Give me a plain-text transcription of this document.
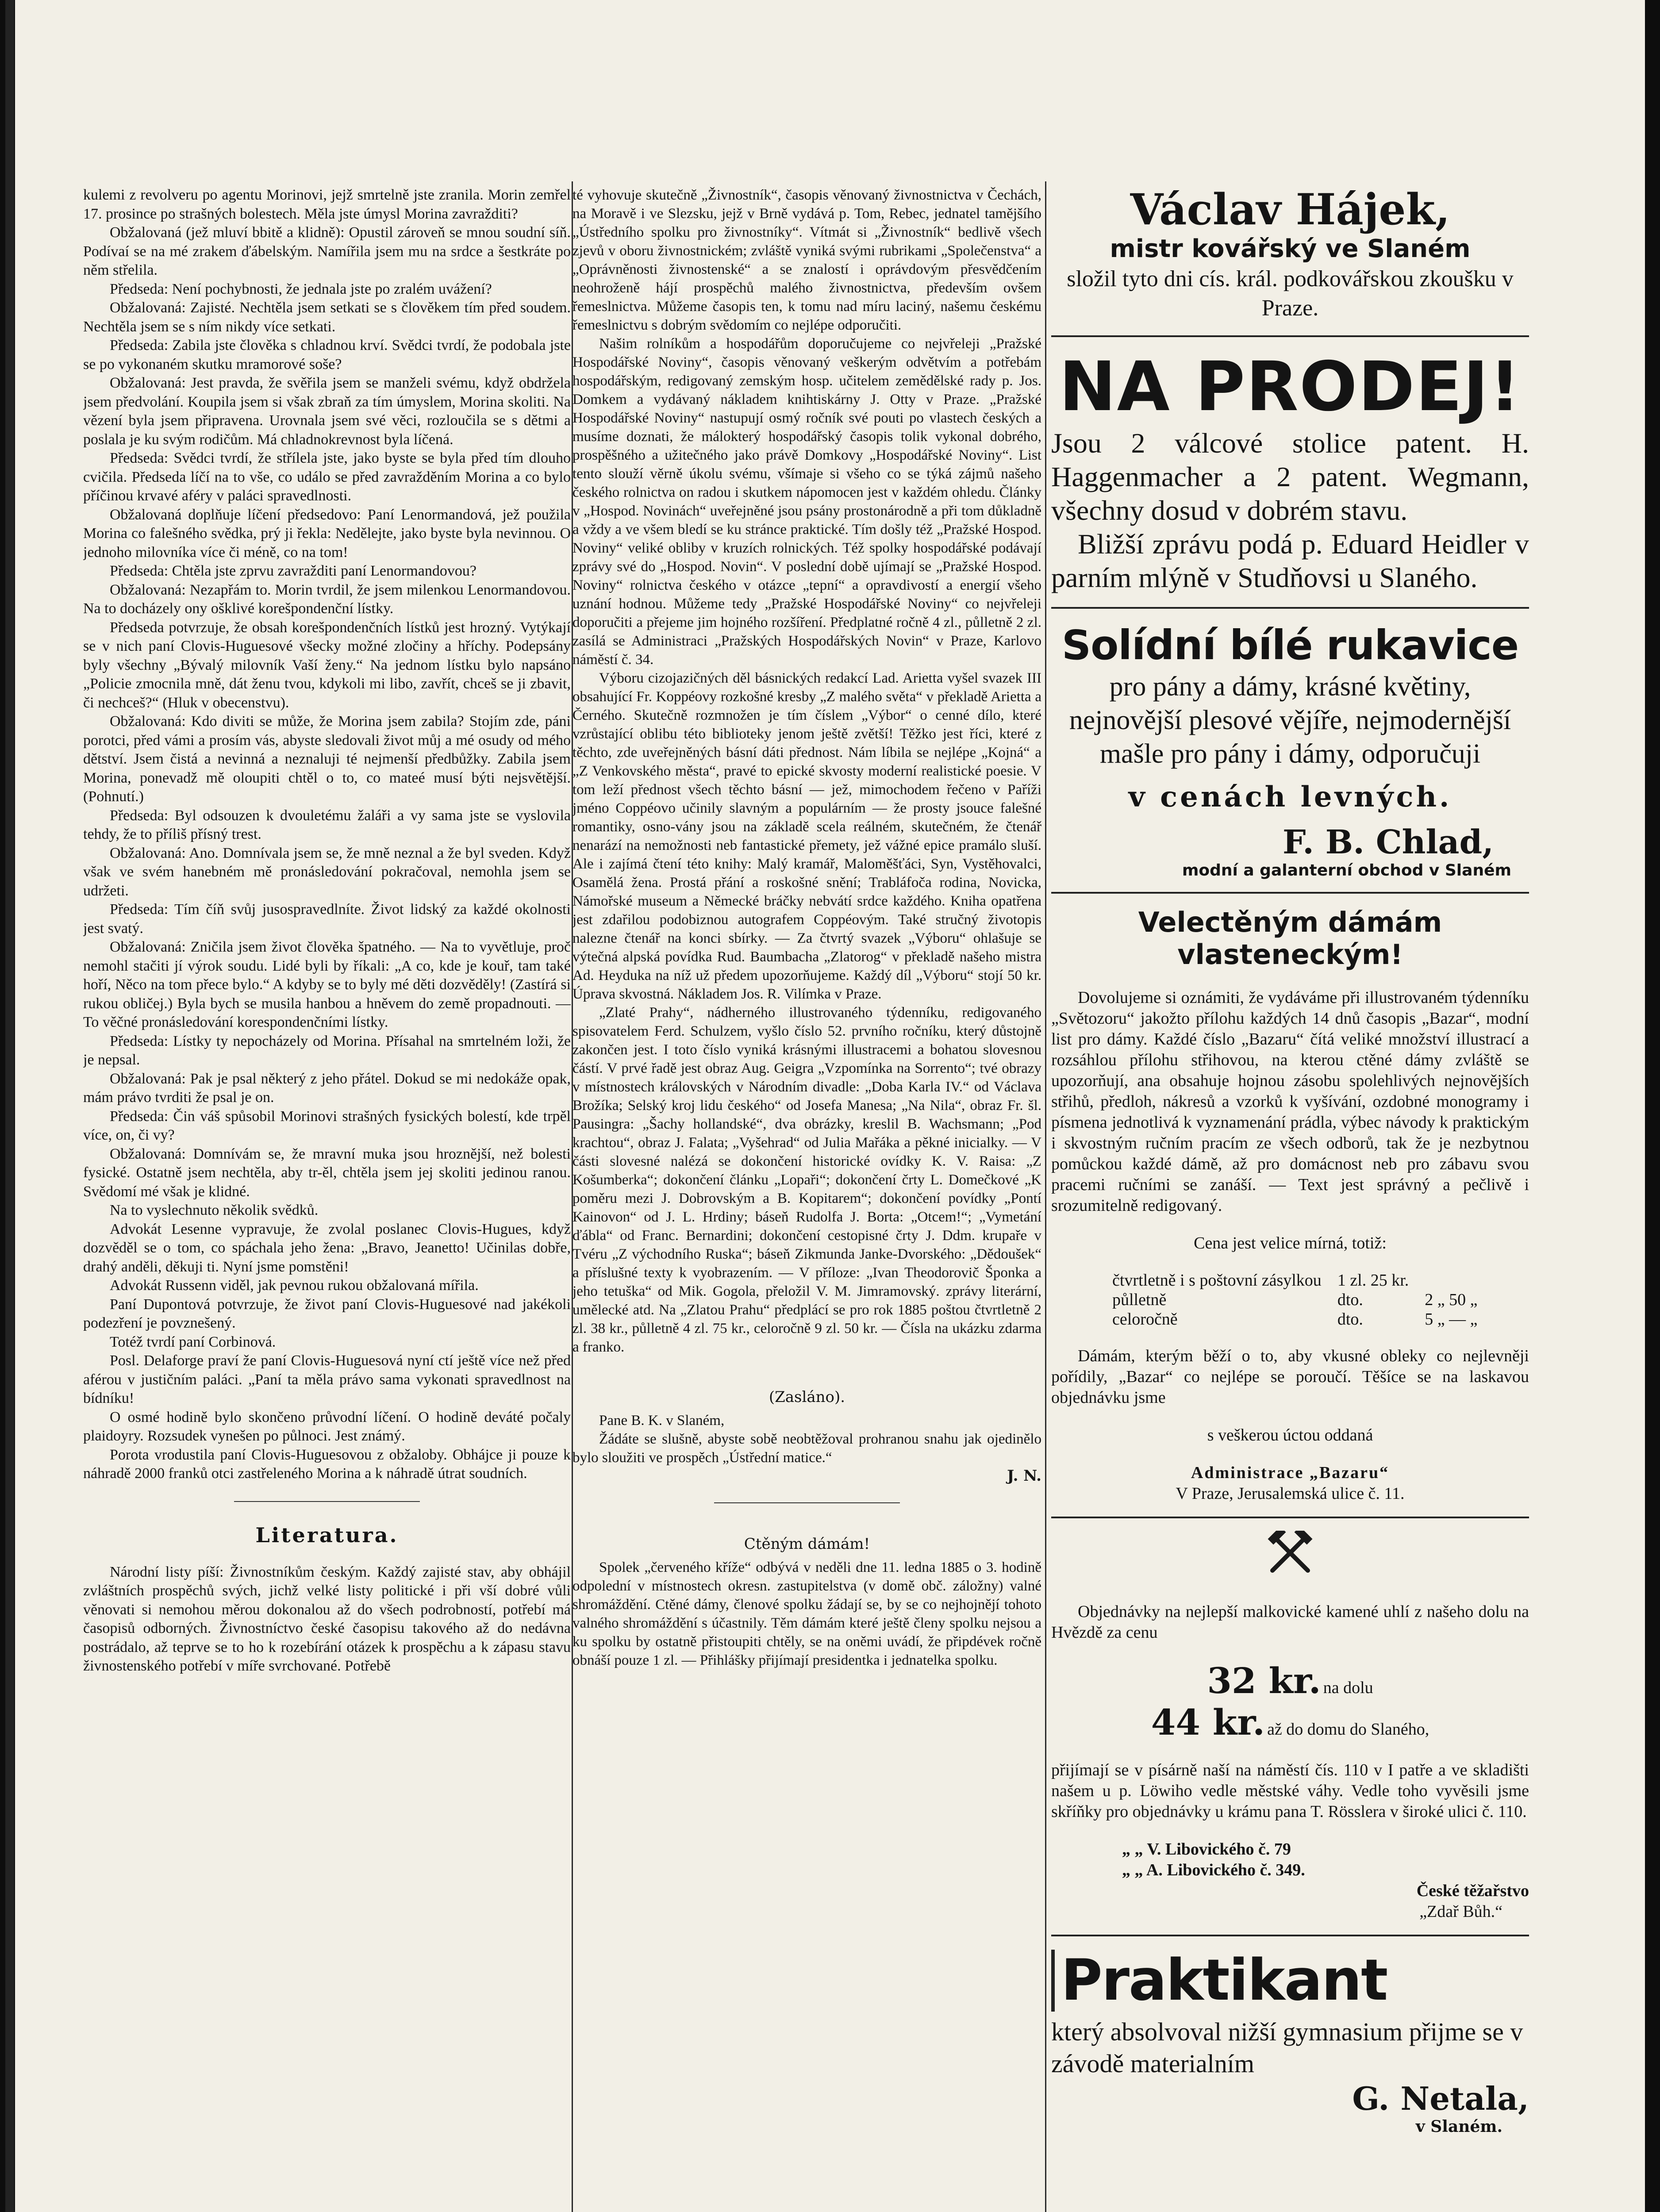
kulemi z revolveru po agentu Morinovi, jejž smrtelně jste zranila. Morin zemřel 17. prosince po strašných bolestech. Měla jste úmysl Morina zavražditi?

Obžalovaná (jež mluví bbitě a klidně): Opustil zároveň se mnou soudní síň. Podívaí se na mé zrakem ďábelským. Namířila jsem mu na srdce a šestkráte po něm střelila.

Předseda: Není pochybnosti, že jednala jste po zralém uvážení?

Obžalovaná: Zajisté. Nechtěla jsem setkati se s člověkem tím před soudem. Nechtěla jsem se s ním nikdy více setkati.

Předseda: Zabila jste člověka s chladnou krví. Svědci tvrdí, že podobala jste se po vykonaném skutku mramorové soše?

Obžalovaná: Jest pravda, že svěřila jsem se manželi svému, když obdržela jsem předvolání. Koupila jsem si však zbraň za tím úmyslem, Morina skoliti. Na vězení byla jsem připravena. Urovnala jsem své věci, rozloučila se s dětmi a poslala je ku svým rodičům. Má chladnokrevnost byla líčená.

Předseda: Svědci tvrdí, že střílela jste, jako byste se byla před tím dlouho cvičila. Předseda líčí na to vše, co událo se před zavražděním Morina a co bylo příčinou krvavé aféry v paláci spravedlnosti.

Obžalovaná doplňuje líčení předsedovo: Paní Lenormandová, jež použila Morina co falešného svědka, prý ji řekla: Nedělejte, jako byste byla nevinnou. O jednoho milovníka více či méně, co na tom!

Předseda: Chtěla jste zprvu zavražditi paní Lenormandovou?

Obžalovaná: Nezapřám to. Morin tvrdil, že jsem milenkou Lenormandovou. Na to docházely ony ošklivé korešpondenční lístky.

Předseda potvrzuje, že obsah korešpondenčních lístků jest hrozný. Vytýkají se v nich paní Clovis-Huguesové všecky možné zločiny a hříchy. Podepsány byly všechny „Bývalý milovník Vaší ženy.“ Na jednom lístku bylo napsáno „Policie zmocnila mně, dát ženu tvou, kdykoli mi libo, zavřít, chceš se ji zbavit, či nechceš?“ (Hluk v obecenstvu).

Obžalovaná: Kdo diviti se může, že Morina jsem zabila? Stojím zde, páni porotci, před vámi a prosím vás, abyste sledovali život můj a mé osudy od mého dětství. Jsem čistá a nevinná a neznaluji té nejmenší předbůžky. Zabila jsem Morina, ponevadž mě oloupiti chtěl o to, co mateé musí býti nejsvětější. (Pohnutí.)

Předseda: Byl odsouzen k dvouletému žaláři a vy sama jste se vyslovila tehdy, že to příliš přísný trest.

Obžalovaná: Ano. Domnívala jsem se, že mně neznal a že byl sveden. Když však ve svém hanebném mě pronásledování pokračoval, nemohla jsem se udržeti.

Předseda: Tím číň svůj jusospravedlníte. Život lidský za každé okolnosti jest svatý.

Obžalovaná: Zničila jsem život člověka špatného. — Na to vyvětluje, proč nemohl stačiti jí výrok soudu. Lidé byli by říkali: „A co, kde je kouř, tam také hoří, Něco na tom přece bylo.“ A kdyby se to byly mé děti dozvěděly! (Zastírá si rukou obličej.) Byla bych se musila hanbou a hněvem do země propadnouti. — To věčné pronásledování korespondenčními lístky.

Předseda: Lístky ty nepocházely od Morina. Přísahal na smrtelném loži, že je nepsal.

Obžalovaná: Pak je psal některý z jeho přátel. Dokud se mi nedokáže opak, mám právo tvrditi že psal je on.

Předseda: Čin váš spůsobil Morinovi strašných fysických bolestí, kde trpěl více, on, či vy?

Obžalovaná: Domnívám se, že mravní muka jsou hroznější, než bolesti fysické. Ostatně jsem nechtěla, aby tr-ěl, chtěla jsem jej skoliti jedinou ranou. Svědomí mé však je klidné.

Na to vyslechnuto několik svědků.

Advokát Lesenne vypravuje, že zvolal poslanec Clovis-Hugues, když dozvěděl se o tom, co spáchala jeho žena: „Bravo, Jeanetto! Učinilas dobře, drahý anděli, děkuji ti. Nyní jsme pomstěni!

Advokát Russenn viděl, jak pevnou rukou obžalovaná mířila.

Paní Dupontová potvrzuje, že život paní Clovis-Huguesové nad jakékoli podezření je povznešený.

Totéž tvrdí paní Corbinová.

Posl. Delaforge praví že paní Clovis-Huguesová nyní ctí ještě více než před aférou v justičním paláci. „Paní ta měla právo sama vykonati spravedlnost na bídníku!

O osmé hodině bylo skončeno průvodní líčení. O hodině deváté počaly plaidoyry. Rozsudek vynešen po půlnoci. Jest známý.

Porota vrodustila paní Clovis-Huguesovou z obžaloby. Obhájce ji pouze k náhradě 2000 franků otci zastřeleného Morina a k náhradě útrat soudních.

Literatura.

Národní listy píší: Živnostníkům českým. Každý zajisté stav, aby obhájil zvláštních prospěchů svých, jichž velké listy politické i při vší dobré vůli věnovati si nemohou měrou dokonalou až do všech podrobností, potřebí má časopisů odborných. Živnostníctvo české časopisu takového až do nedávna postrádalo, až teprve se to ho k rozebírání otázek k prospěchu a k zápasu stavu živnostenského potřebí v míře svrchované. Potřebě

té vyhovuje skutečně „Živnostník“, časopis věnovaný živnostnictva v Čechách, na Moravě i ve Slezsku, jejž v Brně vydává p. Tom, Rebec, jednatel tamějšího „Ústředního spolku pro živnostníky“. Vítmát si „Živnostník“ bedlivě všech zjevů v oboru živnostnickém; zvláště vyniká svými rubrikami „Společenstva“ a „Oprávněnosti živnostenské“ a se znalostí i oprávdovým přesvědčením neohroženě hájí prospěchů malého živnostnictva, především ovšem řemeslnictva. Můžeme časopis ten, k tomu nad míru laciný, našemu českému řemeslnictvu s dobrým svědomím co nejlépe odporučiti.

Našim rolníkům a hospodářům doporučujeme co nejvřeleji „Pražské Hospodářské Noviny“, časopis věnovaný veškerým odvětvím a potřebám hospodářským, redigovaný zemským hosp. učitelem zemědělské rady p. Jos. Domkem a vydávaný nákladem knihtiskárny J. Otty v Praze. „Pražské Hospodářské Noviny“ nastupují osmý ročník své pouti po vlastech českých a musíme doznati, že málokterý hospodářský časopis tolik vykonal dobrého, prospěšného a užitečného jako právě Domkovy „Hospodářské Noviny“. List tento slouží věrně úkolu svému, všímaje si všeho co se týká zájmů našeho českého rolnictva on radou i skutkem nápomocen jest v každém ohledu. Články v „Hospod. Novinách“ uveřejněné jsou psány prostonárodně a při tom důkladně a vždy a ve všem bledí se ku stránce praktické. Tím došly též „Pražské Hospod. Noviny“ veliké obliby v kruzích rolnických. Též spolky hospodářské podávají zprávy své do „Hospod. Novin“. V poslední době ujímají se „Pražské Hospod. Noviny“ rolnictva českého v otázce „tepní“ a opravdivostí a energií všeho uznání hodnou. Můžeme tedy „Pražské Hospodářské Noviny“ co nejvřeleji doporučiti a přejeme jim hojného rozšíření. Předplatné ročně 4 zl., půlletně 2 zl. zasílá se Administraci „Pražských Hospodářských Novin“ v Praze, Karlovo náměstí č. 34.

Výboru cizojazičných děl básnických redakcí Lad. Arietta vyšel svazek III obsahující Fr. Koppéovy rozkošné kresby „Z malého světa“ v překladě Arietta a Černého. Skutečně rozmnožen je tím číslem „Výbor“ o cenné dílo, které vzrůstající oblibu této biblioteky jenom ještě zvětší! Těžko jest říci, které z těchto, zde uveřejněných básní dáti přednost. Nám líbila se nejlépe „Kojná“ a „Z Venkovského města“, pravé to epické skvosty moderní realistické poesie. V tom leží přednost všech těchto básní — jež, mimochodem řečeno v Paříži jméno Coppéovo učinily slavným a populárním — že prosty jsouce falešné romantiky, osno-vány jsou na základě scela reálném, skutečném, že čtenář nenarází na nemožnosti neb fantastické přemety, jež vážné epice pramálo sluší. Ale i zajímá čtení této knihy: Malý kramář, Maloměšťáci, Syn, Vystěhovalci, Osamělá žena. Prostá přání a roskošné snění; Trabláfoča rodina, Novicka, Námořské museum a Německé bráčky nebvátí srdce každého. Kniha opatřena jest zdařilou podobiznou autografem Coppéovým. Také stručný životopis nalezne čtenář na konci sbírky. — Za čtvrtý svazek „Výboru“ ohlašuje se výtečná alpská povídka Rud. Baumbacha „Zlatorog“ v překladě našeho mistra Ad. Heyduka na níž už předem upozorňujeme. Každý díl „Výboru“ stojí 50 kr. Úprava skvostná. Nákladem Jos. R. Vilímka v Praze.

„Zlaté Prahy“, nádherného illustrovaného týdenníku, redigovaného spisovatelem Ferd. Schulzem, vyšlo číslo 52. prvního ročníku, který důstojně zakončen jest. I toto číslo vyniká krásnými illustracemi a bohatou slovesnou částí. V prvé řadě jest obraz Aug. Geigra „Vzpomínka na Sorrento“; tvé obrazy v místnostech královských v Národním divadle: „Doba Karla IV.“ od Václava Brožíka; Selský kroj lidu českého“ od Josefa Manesa; „Na Nila“, obraz Fr. šl. Pausingra: „Šachy hollandské“, dva obrázky, kreslil B. Wachsmann; „Pod krachtou“, obraz J. Falata; „Vyšehrad“ od Julia Mařáka a pěkné inicialky. — V části slovesné nalézá se dokončení historické ovídky K. V. Raisa: „Z Košumberka“; dokončení článku „Lopaři“; dokončení črty L. Domečkové „K poměru mezi J. Dobrovským a B. Kopitarem“; dokončení povídky „Pontí Kainovon“ od J. L. Hrdiny; báseň Rudolfa J. Borta: „Otcem!“; „Vymetání ďábla“ od Franc. Bernardini; dokončení cestopisné črty J. Ddm. krupaře v Tvéru „Z východního Ruska“; báseň Zikmunda Janke-Dvorského: „Dědoušek“ a příslušné texty k vyobrazením. — V příloze: „Ivan Theodorovič Šponka a jeho tetuška“ od Mik. Gogola, přeložil V. M. Jimramovský. zprávy literární, umělecké atd. Na „Zlatou Prahu“ předplácí se pro rok 1885 poštou čtvrtletně 2 zl. 38 kr., půlletně 4 zl. 75 kr., celoročně 9 zl. 50 kr. — Čísla na ukázku zdarma a franko.

(Zasláno).

Pane B. K. v Slaném,

Žádáte se slušně, abyste sobě neobtěžoval prohranou snahu jak ojedinělo bylo sloužiti ve prospěch „Ústřední matice.“

J. N.
Ctěným dámám!

Spolek „červeného kříže“ odbývá v neděli dne 11. ledna 1885 o 3. hodině odpolední v místnostech okresn. zastupitelstva (v domě obč. záložny) valné shromáždění. Ctěné dámy, členové spolku žádají se, by se co nejhojnějí tohoto valného shromáždění s účastnily. Těm dámám které ještě členy spolku nejsou a ku spolku by ostatně přistoupiti chtěly, se na oněmi uvádí, že připdévek ročně obnáší pouze 1 zl. — Přihlášky přijímají presidentka i jednatelka spolku.

Václav Hájek,
mistr kovářský ve Slaném
složil tyto dni cís. král. podkovářskou zkoušku v Praze.
NA PRODEJ!
Jsou 2 válcové stolice patent. H. Haggenmacher a 2 patent. Wegmann, všechny dosud v dobrém stavu.
Bližší zprávu podá p. Eduard Heidler v parním mlýně v Studňovsi u Slaného.
Solídní bílé rukavice
pro pány a dámy, krásné květiny, nejnovější plesové vějíře, nejmodernější mašle pro pány i dámy, odporučuji
v cenách levných.
F. B. Chlad,
modní a galanterní obchod v Slaném
Velectěným dámám vlasteneckým!

Dovolujeme si oznámiti, že vydáváme při illustrovaném týdenníku „Světozoru“ jakožto přílohu každých 14 dnů časopis „Bazar“, modní list pro dámy. Každé číslo „Bazaru“ čítá veliké množství illustrací a rozsáhlou přílohu střihovou, na kterou ctěné dámy zvláště se upozorňují, ana obsahuje hojnou zásobu spolehlivých nejnovějších střihů, předloh, nákresů a vzorků k vyšívání, ozdobné monogramy i písmena jednotlivá k vyznamenání prádla, výbec návody k praktickým i skvostným ručním pracím ze všech odborů, tak že je nezbytnou pomůckou každé dámě, až pro domácnost neb pro zábavu svou pracemi ručními se zanáší. — Text jest správný a pečlivě i srozumitelně redigovaný.

Cena jest velice mírná, totiž:

čtvrtletně i s poštovní zásylkou	1 zl. 25 kr.	
půlletně	dto.	2 „ 50 „
celoročně	dto.	5 „ — „

Dámám, kterým běží o to, aby vkusné obleky co nejlevněji pořídily, „Bazar“ co nejlépe se poroučí. Těšíce se na laskavou objednávku jsme

s veškerou úctou oddaná

Administrace „Bazaru“
V Praze, Jerusalemská ulice č. 11.

Objednávky na nejlepší malkovické kamené uhlí z našeho dolu na Hvězdě za cenu

32 kr. na dolu
44 kr. až do domu do Slaného,

přijímají se v písárně naší na náměstí čís. 110 v I patře a ve skladišti našem u p. Löwiho vedle městské váhy. Vedle toho vyvěsili jsme skříňky pro objednávky u krámu pana T. Rösslera v široké ulici č. 110.

„ „ V. Libovického č. 79
„ „ A. Libovického č. 349.
České těžařstvo
„Zdař Bůh.“
Praktikant
který absolvoval nižší gymnasium přijme se v závodě materialním
G. Netala,
v Slaném.
